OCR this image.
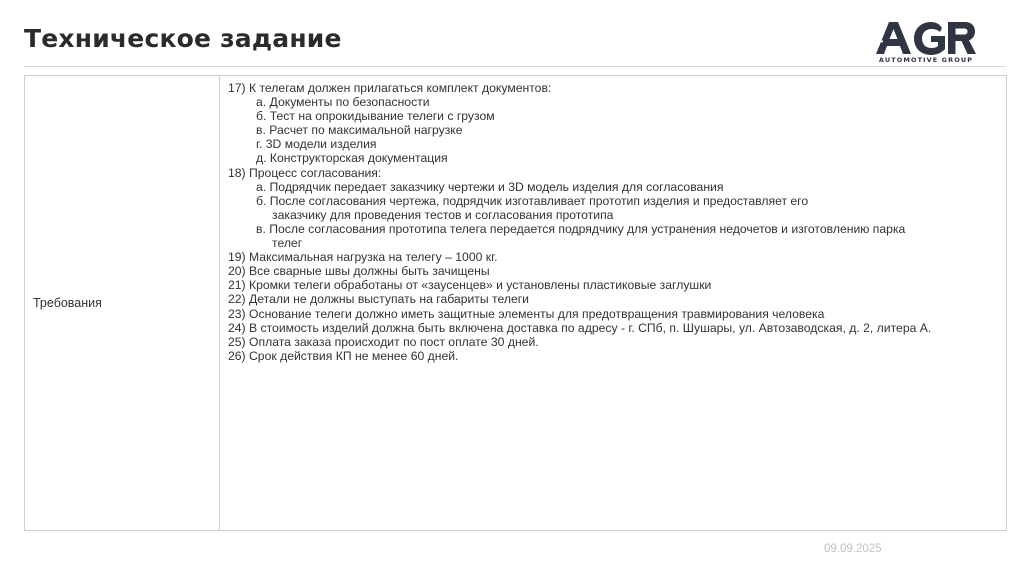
Техническое задание
AUTOMOTIVE GROUP
Требования
17) К телегам должен прилагаться комплект документов:
а. Документы по безопасности
б. Тест на опрокидывание телеги с грузом
в. Расчет по максимальной нагрузке
г. 3D модели изделия
д. Конструкторская документация
18) Процесс согласования:
а. Подрядчик передает заказчику чертежи и 3D модель изделия для согласования
б. После согласования чертежа, подрядчик изготавливает прототип изделия и предоставляет его
заказчику для проведения тестов и согласования прототипа
в. После согласования прототипа телега передается подрядчику для устранения недочетов и изготовлению парка
телег
19) Максимальная нагрузка на телегу – 1000 кг.
20) Все сварные швы должны быть зачищены
21) Кромки телеги обработаны от «заусенцев» и установлены пластиковые заглушки
22) Детали не должны выступать на габариты телеги
23) Основание телеги должно иметь защитные элементы для предотвращения травмирования человека
24) В стоимость изделий должна быть включена доставка по адресу - г. СПб, п. Шушары, ул. Автозаводская, д. 2, литера А.
25) Оплата заказа происходит по пост оплате 30 дней.
26) Срок действия КП не менее 60 дней.
09.09.2025
